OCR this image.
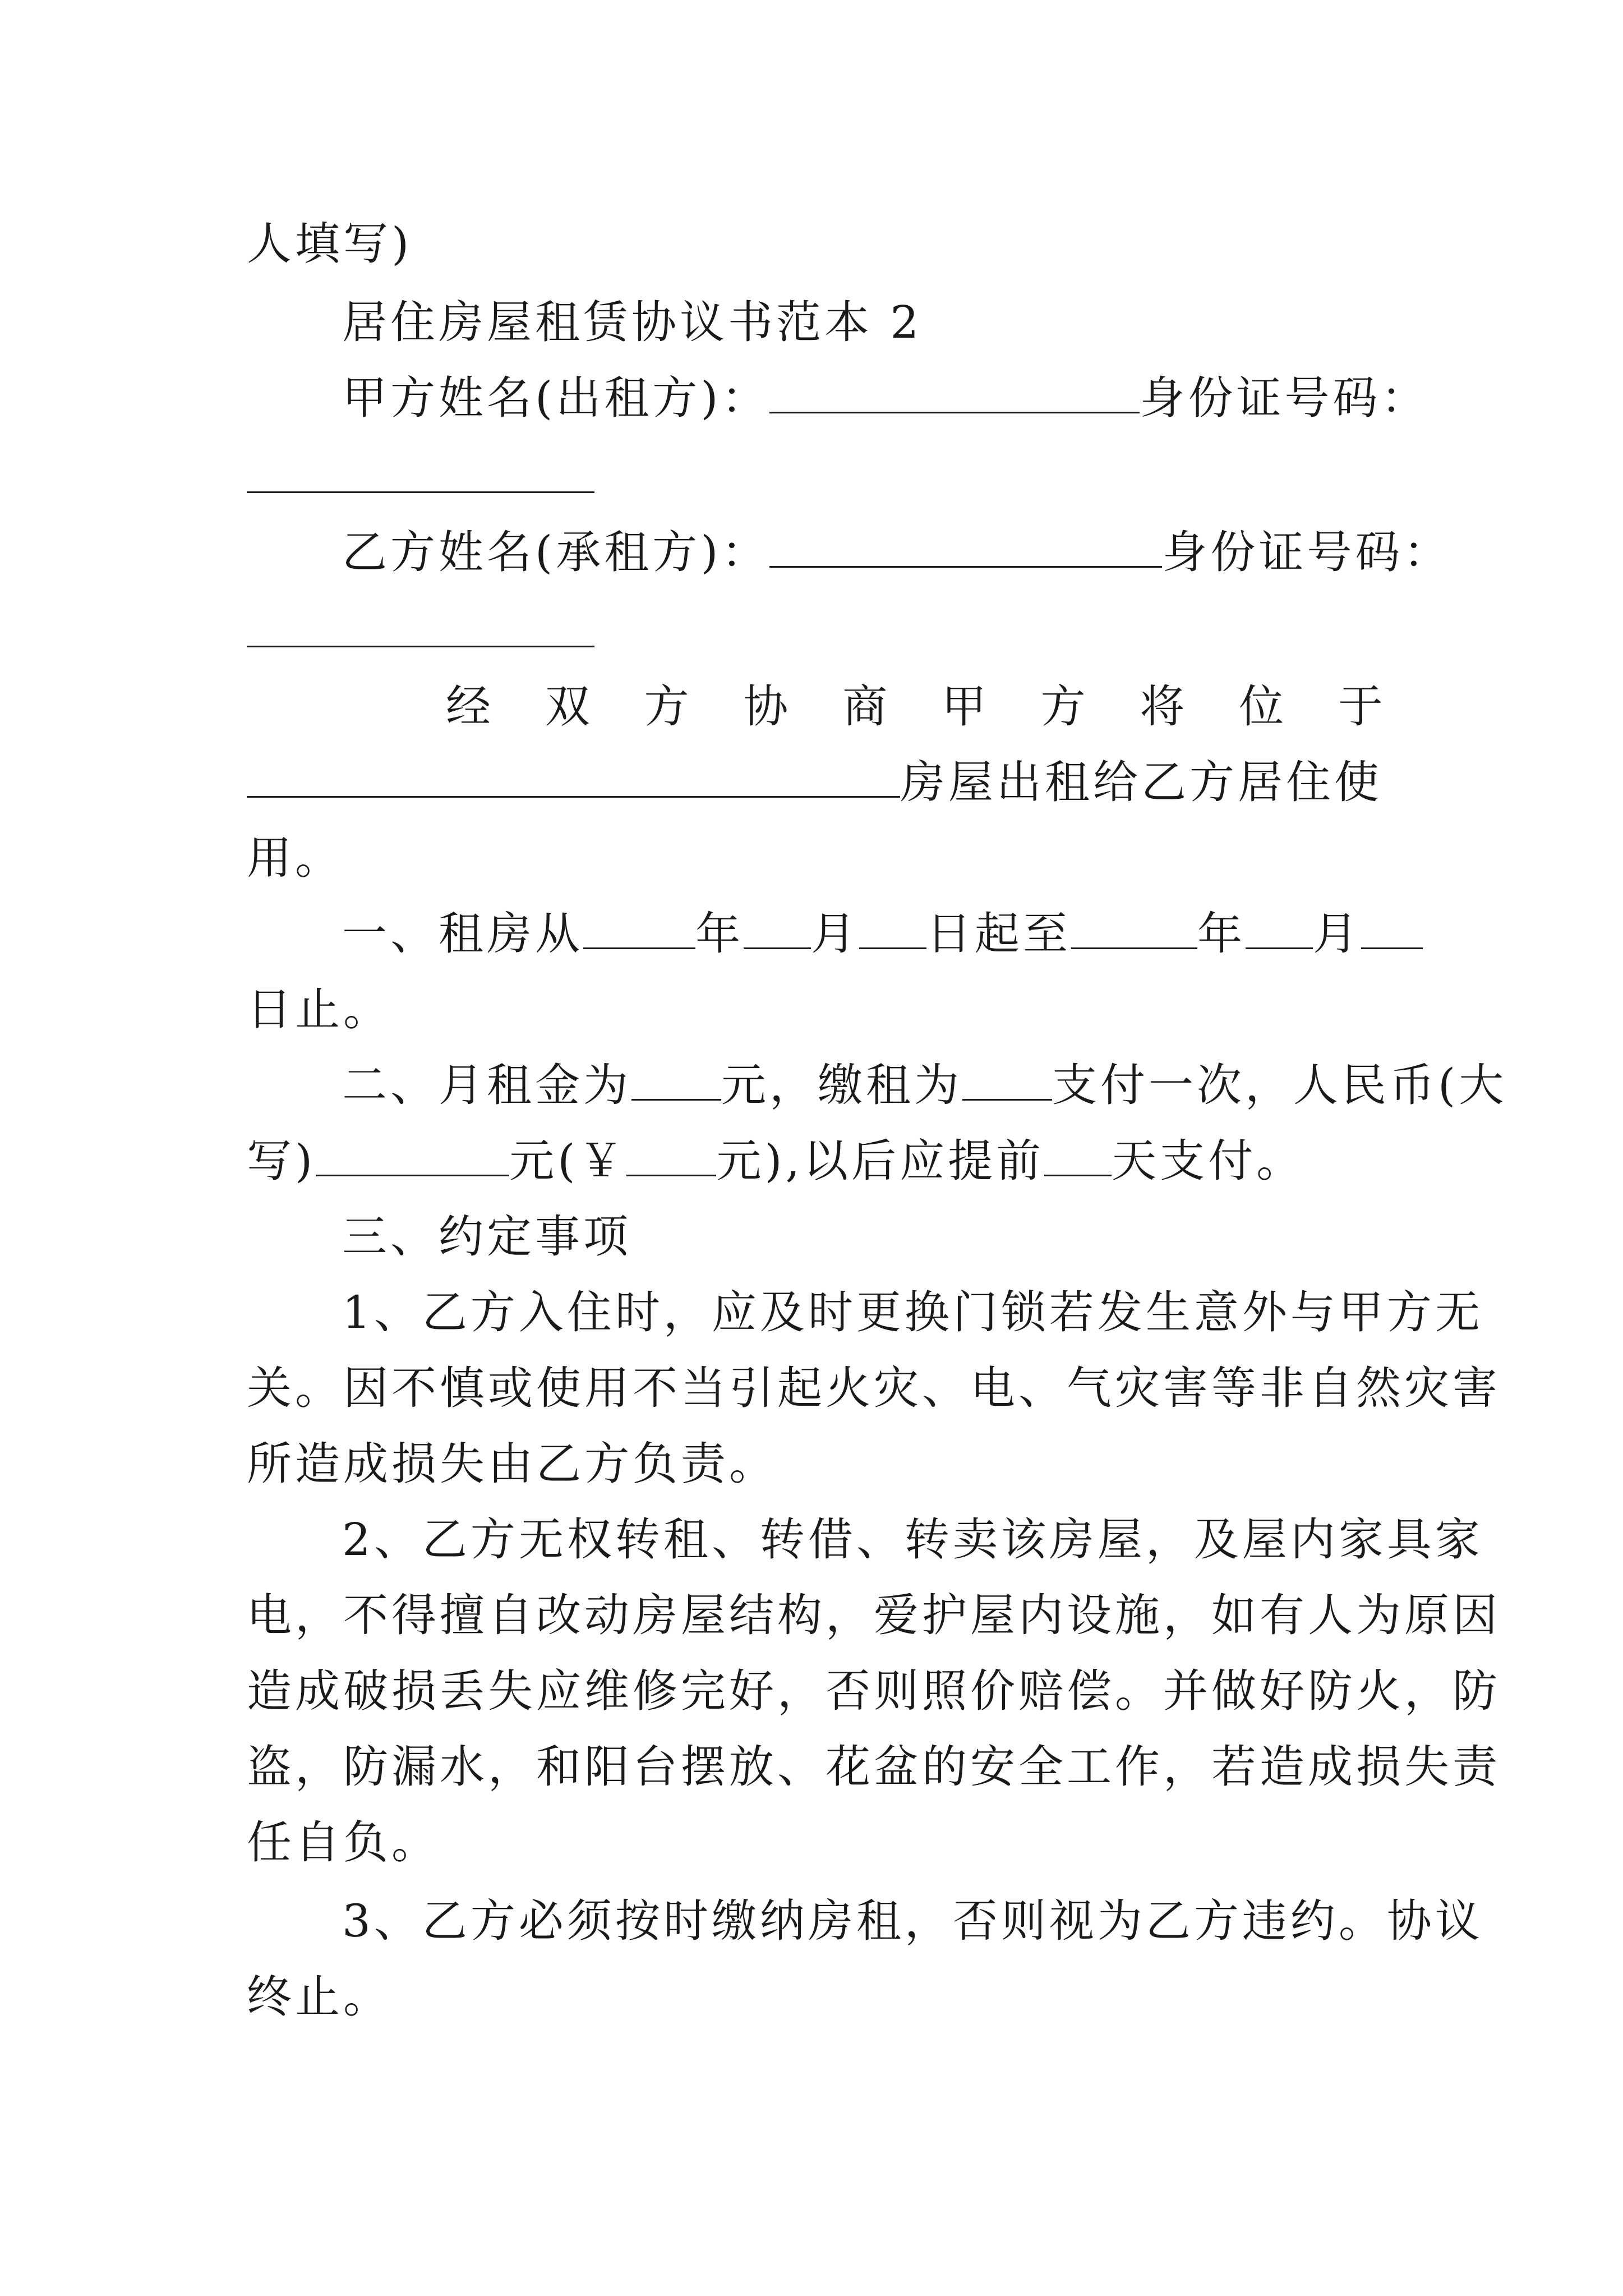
人填写)
居住房屋租赁协议书范本 2
甲方姓名(出租方)：	身份证号码：
乙方姓名(承租方)：	身份证号码：
经 双 方 协 商 甲 方 将 位 于
房屋出租给乙方居住使
用。
一、租房从	年 月 日起至	年 月
日止。
二、月租金为 元，缴租为 支付一次，人民币(大
写)	元(￥ 元),以后应提前 天支付。
三、约定事项
1、乙方入住时，应及时更换门锁若发生意外与甲方无
关。因不慎或使用不当引起火灾、电、气灾害等非自然灾害
所造成损失由乙方负责。
2、乙方无权转租、转借、转卖该房屋，及屋内家具家
电，不得擅自改动房屋结构，爱护屋内设施，如有人为原因
造成破损丢失应维修完好，否则照价赔偿。并做好防火，防
盗，防漏水，和阳台摆放、花盆的安全工作，若造成损失责
任自负。
3、乙方必须按时缴纳房租，否则视为乙方违约。协议
终止。
